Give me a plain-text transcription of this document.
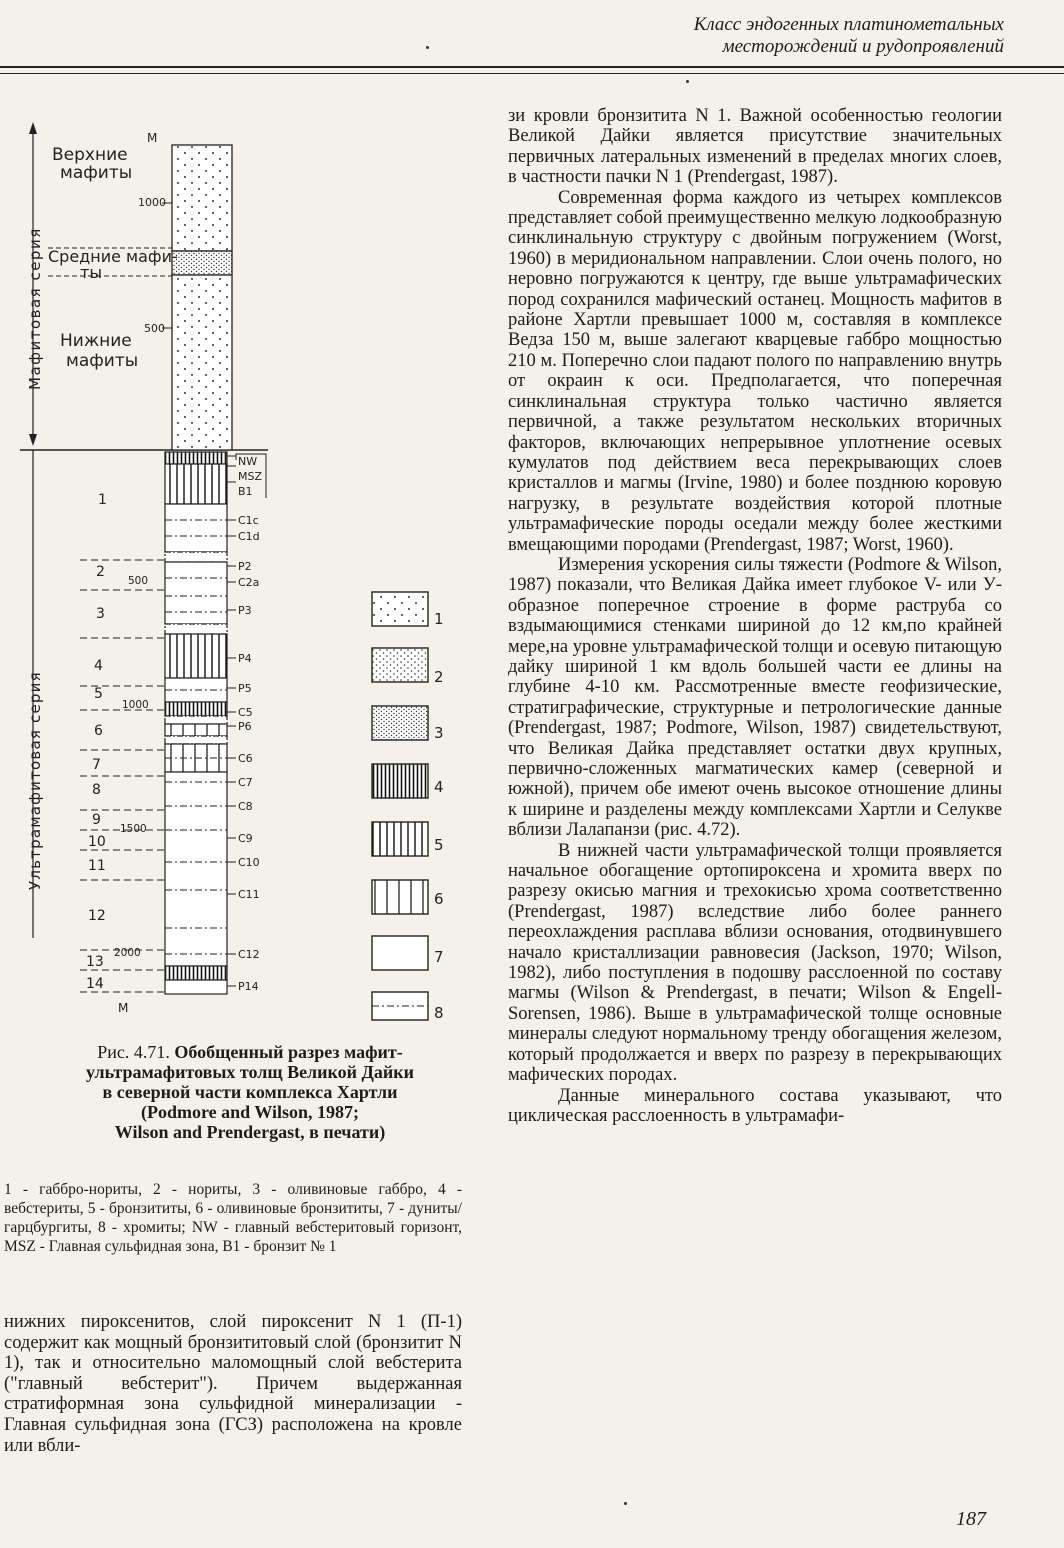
Класс эндогенных платинометальных
месторождений и рудопроявлений
Мафитовая серия
Ультрамафитовая серия
М
Верхние
мафиты
Средние мафи-
ты
Нижние
мафиты
1000
500
1
2
3
4
5
6
7
8
9
10
11
12
13
14
500
1000
1500
2000
М
NW
MSZ
B1
C1c
C1d
P2
C2a
P3
P4
P5
C5
P6
C6
C7
C8
C9
C10
C11
C12
P14
1
2
3
4
5
6
7
8
Рис. 4.71. Обобщенный разрез мафит-
ультрамафитовых толщ Великой Дайки
в северной части комплекса Хартли
(Podmore and Wilson, 1987;
Wilson and Prendergast, в печати)
1 - габбро-нориты, 2 - нориты, 3 - оливиновые габбро, 4 - вебстериты, 5 - бронзититы, 6 - оливиновые бронзититы, 7 - дуниты/гарцбургиты, 8 - хромиты; NW - главный вебстеритовый горизонт, MSZ - Главная сульфидная зона, В1 - бронзит № 1
нижних пироксенитов, слой пироксенит N 1 (П-1) содержит как мощный бронзититовый слой (бронзитит N 1), так и относительно маломощный слой вебстерита ("главный вебстерит"). Причем выдержанная стратиформная зона сульфидной минерализации - Главная сульфидная зона (ГСЗ) расположена на кровле или вбли-

зи кровли бронзитита N 1. Важной особенностью геологии Великой Дайки является присутствие значительных первичных латеральных изменений в пределах многих слоев, в частности пачки N 1 (Prendergast, 1987).

Современная форма каждого из четырех комплексов представляет собой преимущественно мелкую лодкообразную синклинальную структуру с двойным погружением (Worst, 1960) в меридиональном направлении. Слои очень полого, но неровно погружаются к центру, где выше ультрамафических пород сохранился мафический останец. Мощность мафитов в районе Хартли превышает 1000 м, составляя в комплексе Ведза 150 м, выше залегают кварцевые габбро мощностью 210 м. Поперечно слои падают полого по направлению внутрь от окраин к оси. Предполагается, что поперечная синклинальная структура только частично является первичной, а также результатом нескольких вторичных факторов, включающих непрерывное уплотнение осевых кумулатов под действием веса перекрывающих слоев кристаллов и магмы (Irvine, 1980) и более позднюю коровую нагрузку, в результате воздействия которой плотные ультрамафические породы оседали между более жесткими вмещающими породами (Prendergast, 1987; Worst, 1960).

Измерения ускорения силы тяжести (Podmore & Wilson, 1987) показали, что Великая Дайка имеет глубокое V- или У-образное поперечное строение в форме раструба со вздымающимися стенками шириной до 12 км,по крайней мере,на уровне ультрамафической толщи и осевую питающую дайку шириной 1 км вдоль большей части ее длины на глубине 4-10 км. Рассмотренные вместе геофизические, стратиграфические, структурные и петрологические данные (Prendergast, 1987; Podmore, Wilson, 1987) свидетельствуют, что Великая Дайка представляет остатки двух крупных, первично-сложенных магматических камер (северной и южной), причем обе имеют очень высокое отношение длины к ширине и разделены между комплексами Хартли и Селукве вблизи Лалапанзи (рис. 4.72).

В нижней части ультрамафической толщи проявляется начальное обогащение ортопироксена и хромита вверх по разрезу окисью магния и трехокисью хрома соответственно (Prendergast, 1987) вследствие либо более раннего переохлаждения расплава вблизи основания, отодвинувшего начало кристаллизации равновесия (Jackson, 1970; Wilson, 1982), либо поступления в подошву расслоенной по составу магмы (Wilson & Prendergast, в печати; Wilson & Engell-Sorensen, 1986). Выше в ультрамафической толще основные минералы следуют нормальному тренду обогащения железом, который продолжается и вверх по разрезу в перекрывающих мафических породах.

Данные минерального состава указывают, что циклическая расслоенность в ультрамафи-

187
